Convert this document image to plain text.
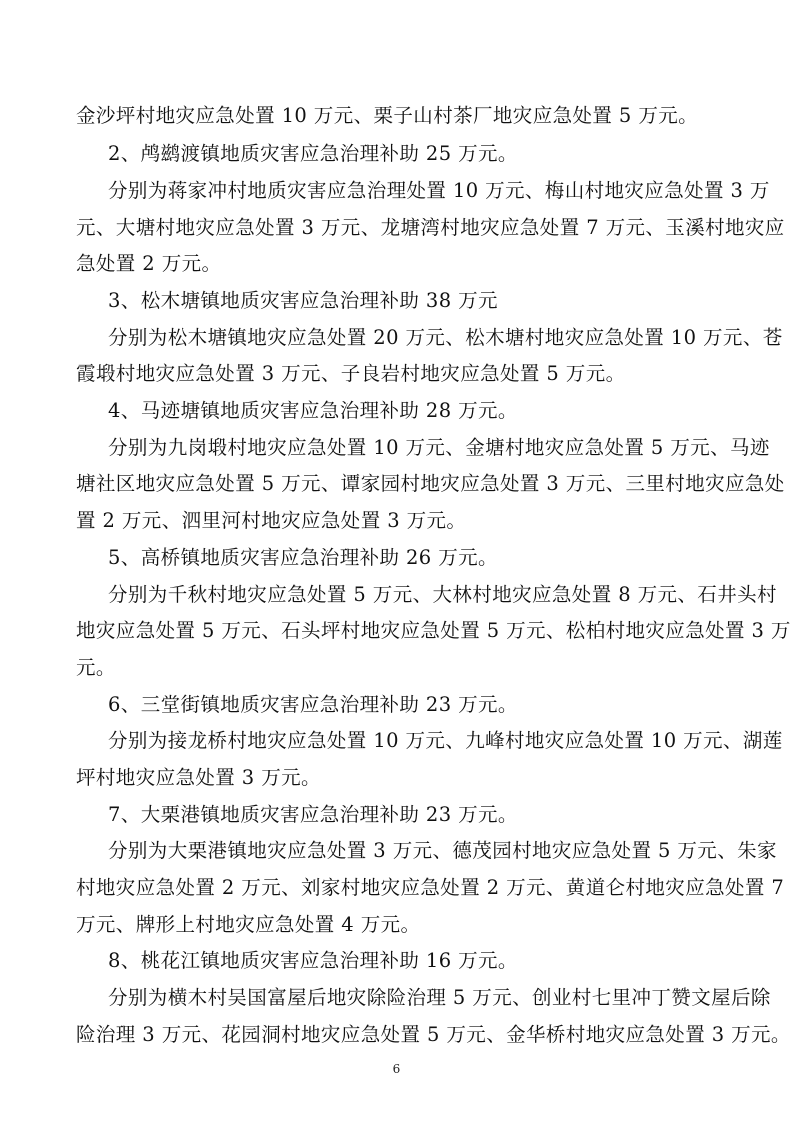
金沙坪村地灾应急处置 10 万元、栗子山村茶厂地灾应急处置 5 万元。
2、鸬鹚渡镇地质灾害应急治理补助 25 万元。
分别为蒋家冲村地质灾害应急治理处置 10 万元、梅山村地灾应急处置 3 万
元、大塘村地灾应急处置 3 万元、龙塘湾村地灾应急处置 7 万元、玉溪村地灾应
急处置 2 万元。
3、松木塘镇地质灾害应急治理补助 38 万元
分别为松木塘镇地灾应急处置 20 万元、松木塘村地灾应急处置 10 万元、苍
霞塅村地灾应急处置 3 万元、子良岩村地灾应急处置 5 万元。
4、马迹塘镇地质灾害应急治理补助 28 万元。
分别为九岗塅村地灾应急处置 10 万元、金塘村地灾应急处置 5 万元、马迹
塘社区地灾应急处置 5 万元、谭家园村地灾应急处置 3 万元、三里村地灾应急处
置 2 万元、泗里河村地灾应急处置 3 万元。
5、高桥镇地质灾害应急治理补助 26 万元。
分别为千秋村地灾应急处置 5 万元、大林村地灾应急处置 8 万元、石井头村
地灾应急处置 5 万元、石头坪村地灾应急处置 5 万元、松柏村地灾应急处置 3 万
元。
6、三堂街镇地质灾害应急治理补助 23 万元。
分别为接龙桥村地灾应急处置 10 万元、九峰村地灾应急处置 10 万元、湖莲
坪村地灾应急处置 3 万元。
7、大栗港镇地质灾害应急治理补助 23 万元。
分别为大栗港镇地灾应急处置 3 万元、德茂园村地灾应急处置 5 万元、朱家
村地灾应急处置 2 万元、刘家村地灾应急处置 2 万元、黄道仑村地灾应急处置 7
万元、牌形上村地灾应急处置 4 万元。
8、桃花江镇地质灾害应急治理补助 16 万元。
分别为横木村吴国富屋后地灾除险治理 5 万元、创业村七里冲丁赞文屋后除
险治理 3 万元、花园洞村地灾应急处置 5 万元、金华桥村地灾应急处置 3 万元。
6
